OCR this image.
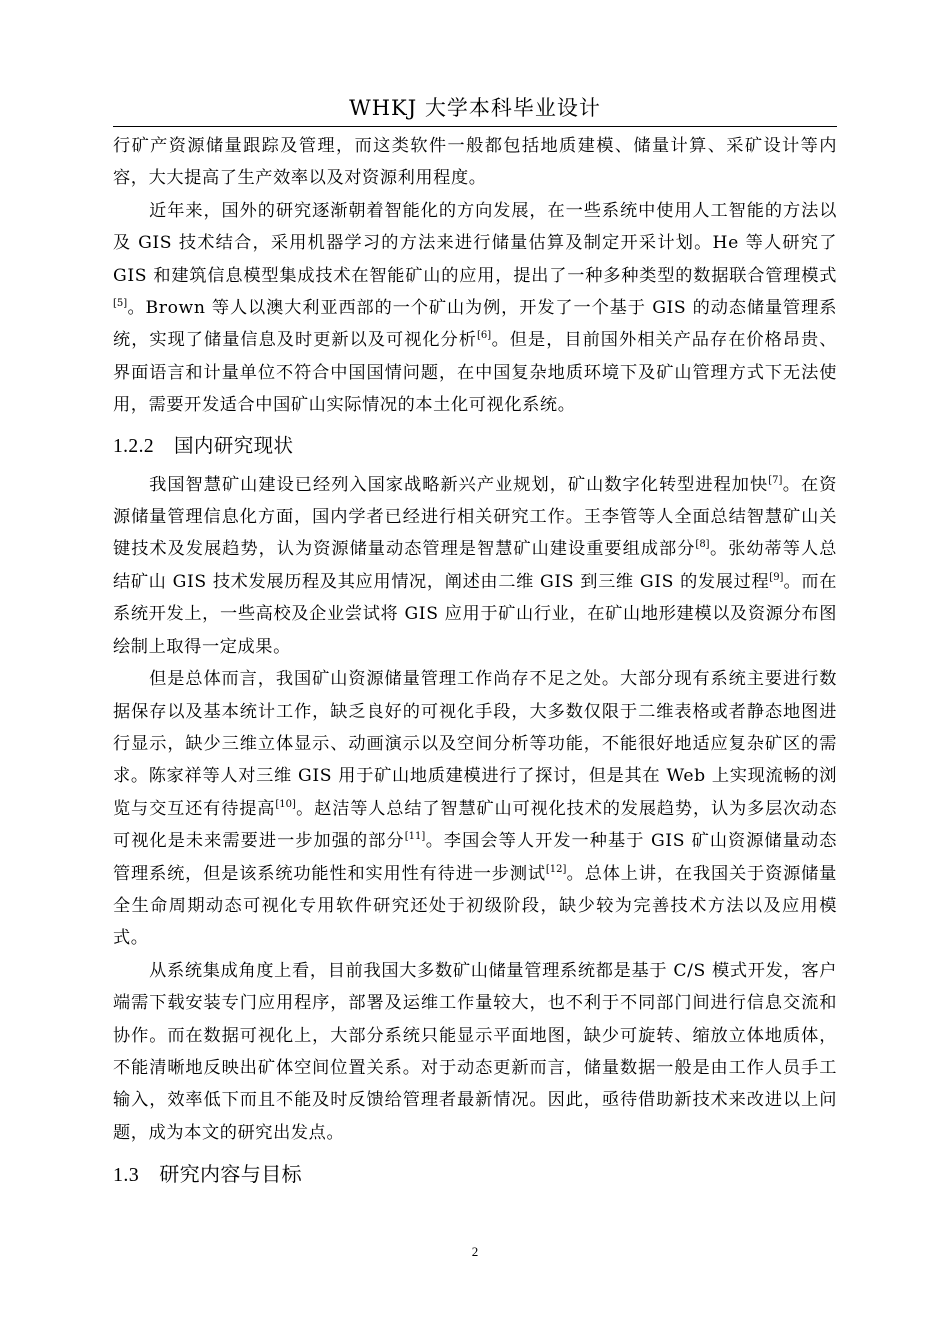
WHKJ 大学本科毕业设计

行矿产资源储量跟踪及管理，而这类软件一般都包括地质建模、储量计算、采矿设计等内容，大大提高了生产效率以及对资源利用程度。

近年来，国外的研究逐渐朝着智能化的方向发展，在一些系统中使用人工智能的方法以及 GIS 技术结合，采用机器学习的方法来进行储量估算及制定开采计划。He 等人研究了 GIS 和建筑信息模型集成技术在智能矿山的应用，提出了一种多种类型的数据联合管理模式[5]。Brown 等人以澳大利亚西部的一个矿山为例，开发了一个基于 GIS 的动态储量管理系统，实现了储量信息及时更新以及可视化分析[6]。但是，目前国外相关产品存在价格昂贵、界面语言和计量单位不符合中国国情问题，在中国复杂地质环境下及矿山管理方式下无法使用，需要开发适合中国矿山实际情况的本土化可视化系统。

1.2.2 国内研究现状

我国智慧矿山建设已经列入国家战略新兴产业规划，矿山数字化转型进程加快[7]。在资源储量管理信息化方面，国内学者已经进行相关研究工作。王李管等人全面总结智慧矿山关键技术及发展趋势，认为资源储量动态管理是智慧矿山建设重要组成部分[8]。张幼蒂等人总结矿山 GIS 技术发展历程及其应用情况，阐述由二维 GIS 到三维 GIS 的发展过程[9]。而在系统开发上，一些高校及企业尝试将 GIS 应用于矿山行业，在矿山地形建模以及资源分布图绘制上取得一定成果。

但是总体而言，我国矿山资源储量管理工作尚存不足之处。大部分现有系统主要进行数据保存以及基本统计工作，缺乏良好的可视化手段，大多数仅限于二维表格或者静态地图进行显示，缺少三维立体显示、动画演示以及空间分析等功能，不能很好地适应复杂矿区的需求。陈家祥等人对三维 GIS 用于矿山地质建模进行了探讨，但是其在 Web 上实现流畅的浏览与交互还有待提高[10]。赵洁等人总结了智慧矿山可视化技术的发展趋势，认为多层次动态可视化是未来需要进一步加强的部分[11]。李国会等人开发一种基于 GIS 矿山资源储量动态管理系统，但是该系统功能性和实用性有待进一步测试[12]。总体上讲，在我国关于资源储量全生命周期动态可视化专用软件研究还处于初级阶段，缺少较为完善技术方法以及应用模式。

从系统集成角度上看，目前我国大多数矿山储量管理系统都是基于 C/S 模式开发，客户端需下载安装专门应用程序，部署及运维工作量较大，也不利于不同部门间进行信息交流和协作。而在数据可视化上，大部分系统只能显示平面地图，缺少可旋转、缩放立体地质体，不能清晰地反映出矿体空间位置关系。对于动态更新而言，储量数据一般是由工作人员手工输入，效率低下而且不能及时反馈给管理者最新情况。因此，亟待借助新技术来改进以上问题，成为本文的研究出发点。

1.3 研究内容与目标
2
